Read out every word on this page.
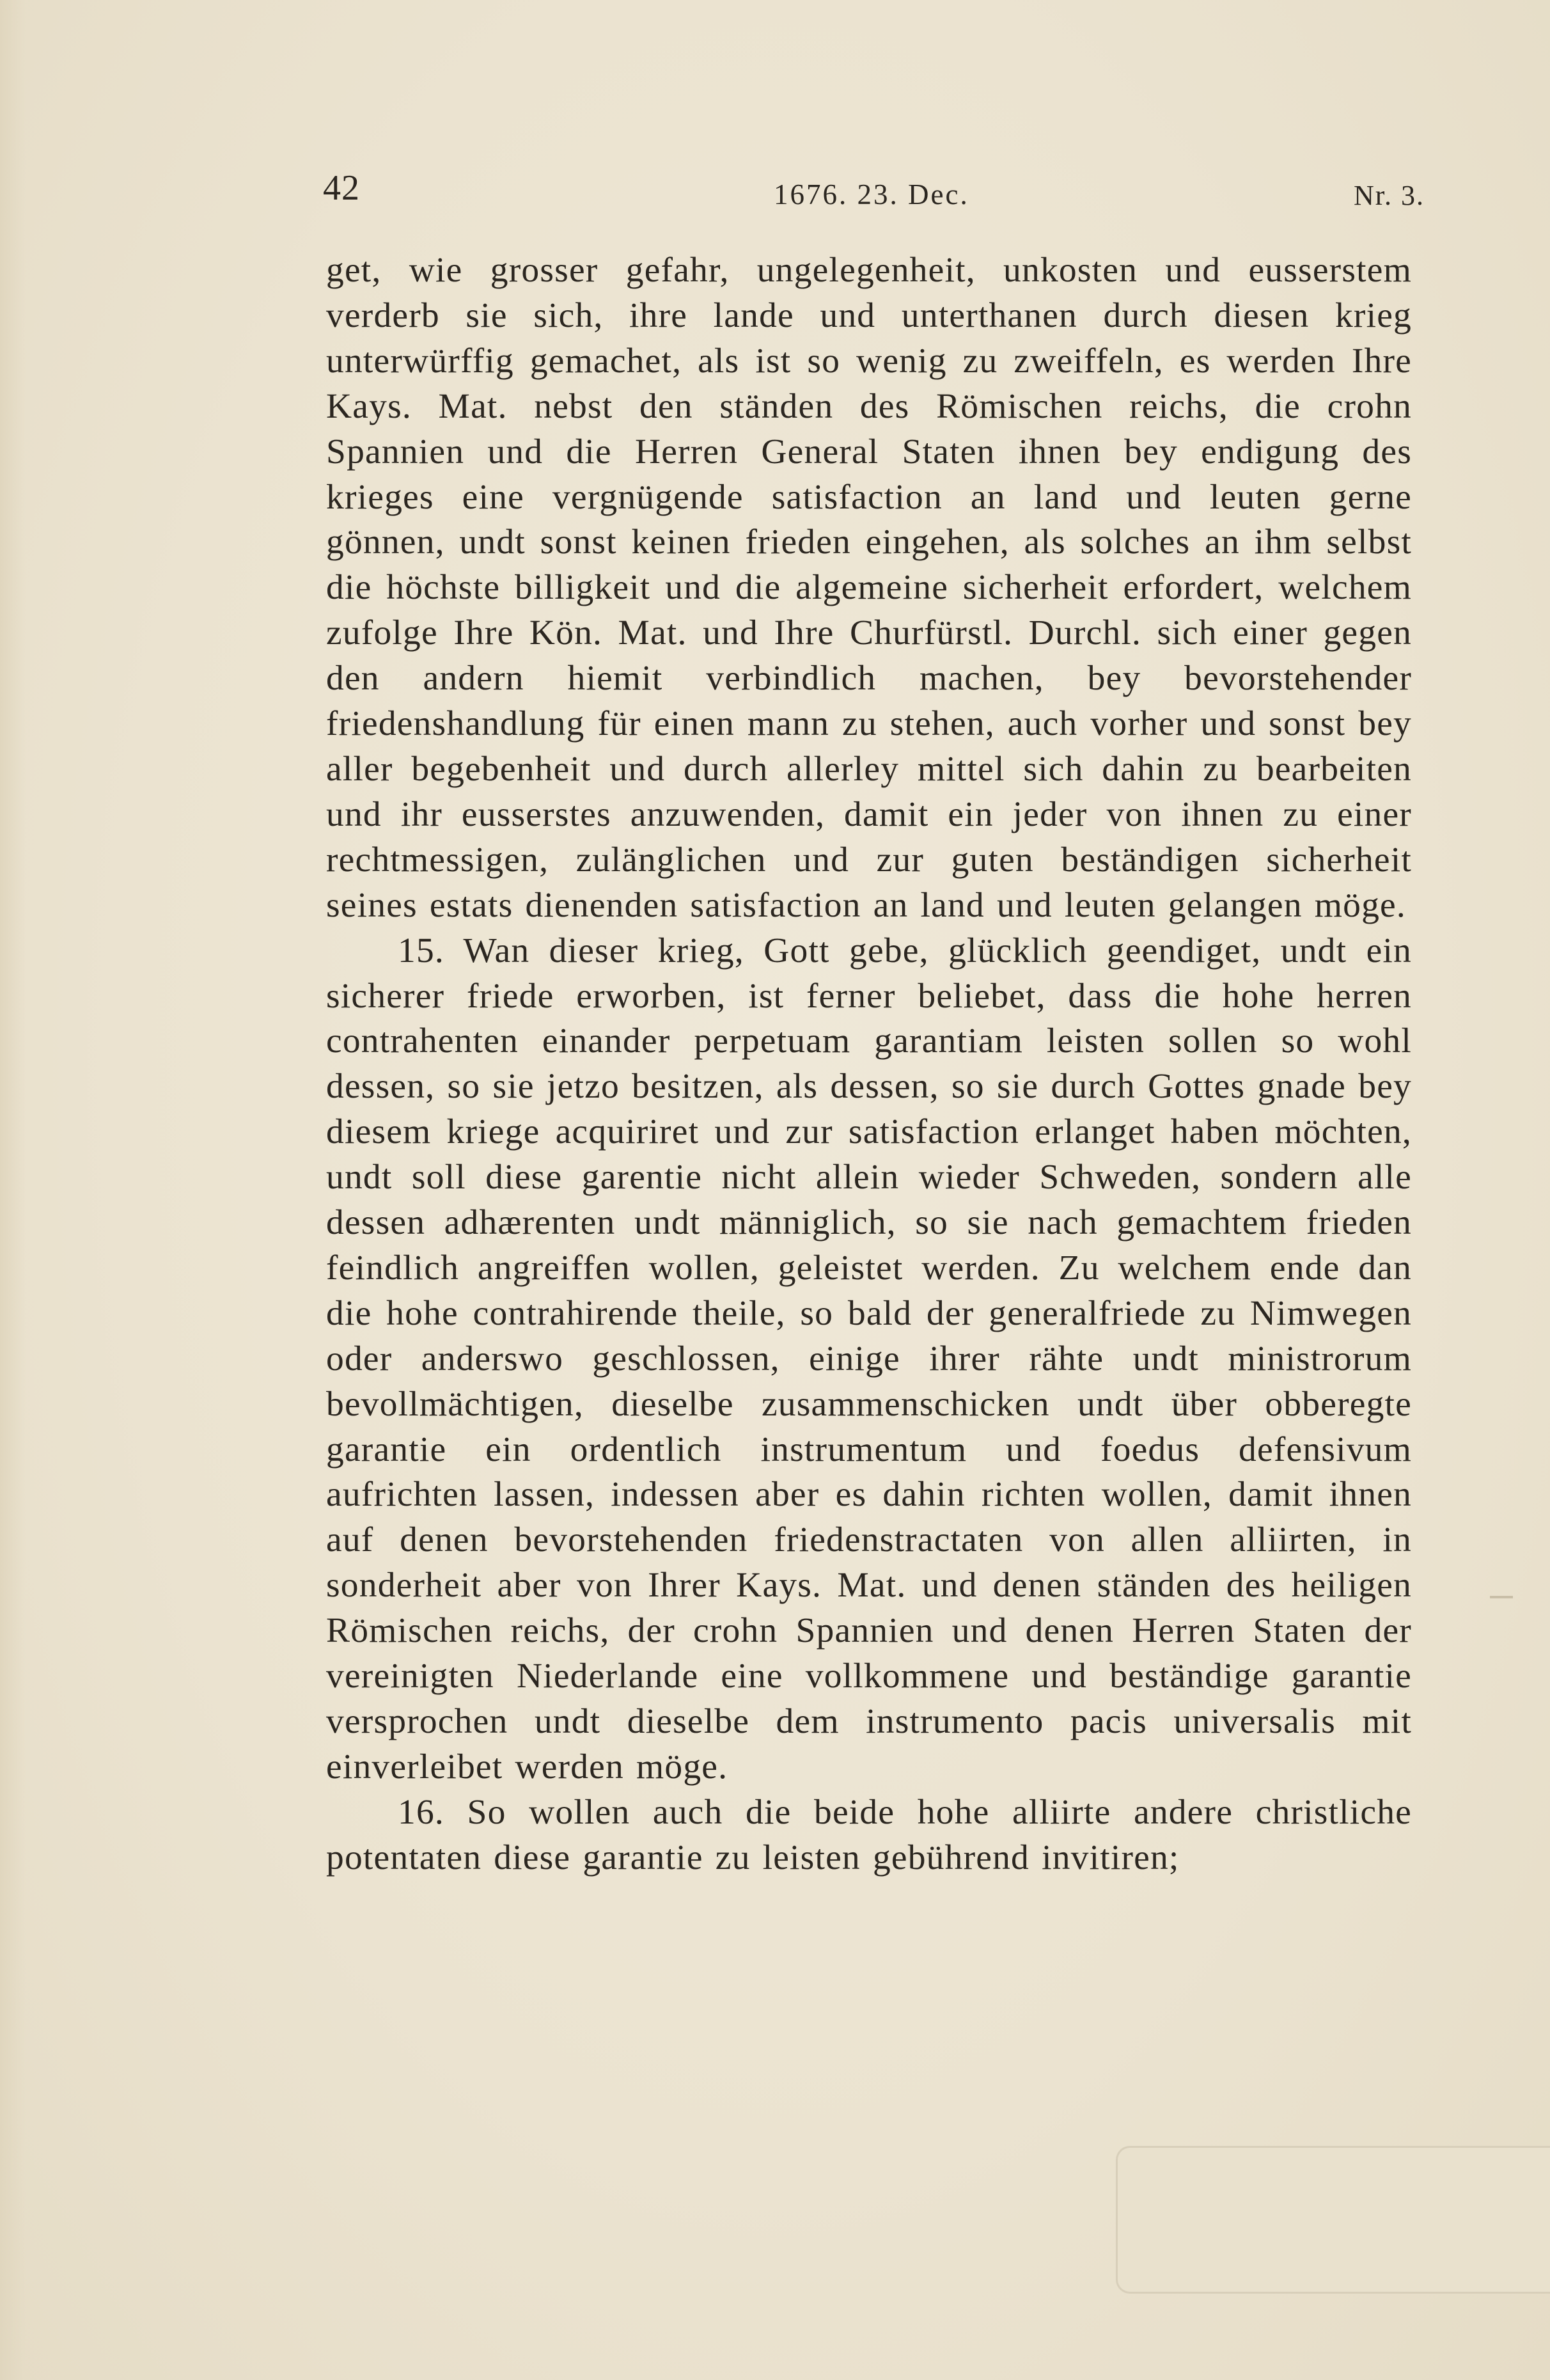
42	1676. 23. Dec.	Nr. 3.

get, wie grosser gefahr, ungelegenheit, unkosten und eusserstem verderb sie sich, ihre lande und unterthanen durch diesen krieg unterwürffig gemachet, als ist so wenig zu zweiffeln, es werden Ihre Kays. Mat. nebst den ständen des Römischen reichs, die crohn Spannien und die Herren General Staten ihnen bey endigung des krieges eine vergnügende satisfaction an land und leuten gerne gönnen, undt sonst keinen frieden eingehen, als solches an ihm selbst die höchste billigkeit und die algemeine sicherheit erfordert, welchem zufolge Ihre Kön. Mat. und Ihre Churfürstl. Durchl. sich einer gegen den andern hiemit verbindlich machen, bey bevorstehender friedenshandlung für einen mann zu stehen, auch vorher und sonst bey aller begebenheit und durch allerley mittel sich dahin zu bearbeiten und ihr eusserstes anzuwenden, damit ein jeder von ihnen zu einer rechtmessigen, zulänglichen und zur guten beständigen sicherheit seines estats dienenden satisfaction an land und leuten gelangen möge.

15. Wan dieser krieg, Gott gebe, glücklich geendiget, undt ein sicherer friede erworben, ist ferner beliebet, dass die hohe herren contrahenten einander perpetuam garantiam leisten sollen so wohl dessen, so sie jetzo besitzen, als dessen, so sie durch Gottes gnade bey diesem kriege acquiriret und zur satisfaction erlanget haben möchten, undt soll diese garentie nicht allein wieder Schweden, sondern alle dessen adhærenten undt männiglich, so sie nach gemachtem frieden feindlich angreiffen wollen, geleistet werden. Zu welchem ende dan die hohe contrahirende theile, so bald der generalfriede zu Nimwegen oder anderswo geschlossen, einige ihrer rähte undt ministrorum bevollmächtigen, dieselbe zusammenschicken undt über obberegte garantie ein ordentlich instrumentum und foedus defensivum aufrichten lassen, indessen aber es dahin richten wollen, damit ihnen auf denen bevorstehenden friedenstractaten von allen alliirten, in sonderheit aber von Ihrer Kays. Mat. und denen ständen des heiligen Römischen reichs, der crohn Spannien und denen Herren Staten der vereinigten Niederlande eine vollkommene und beständige garantie versprochen undt dieselbe dem instrumento pacis universalis mit einverleibet werden möge.

16. So wollen auch die beide hohe alliirte andere christliche potentaten diese garantie zu leisten gebührend invitiren;
